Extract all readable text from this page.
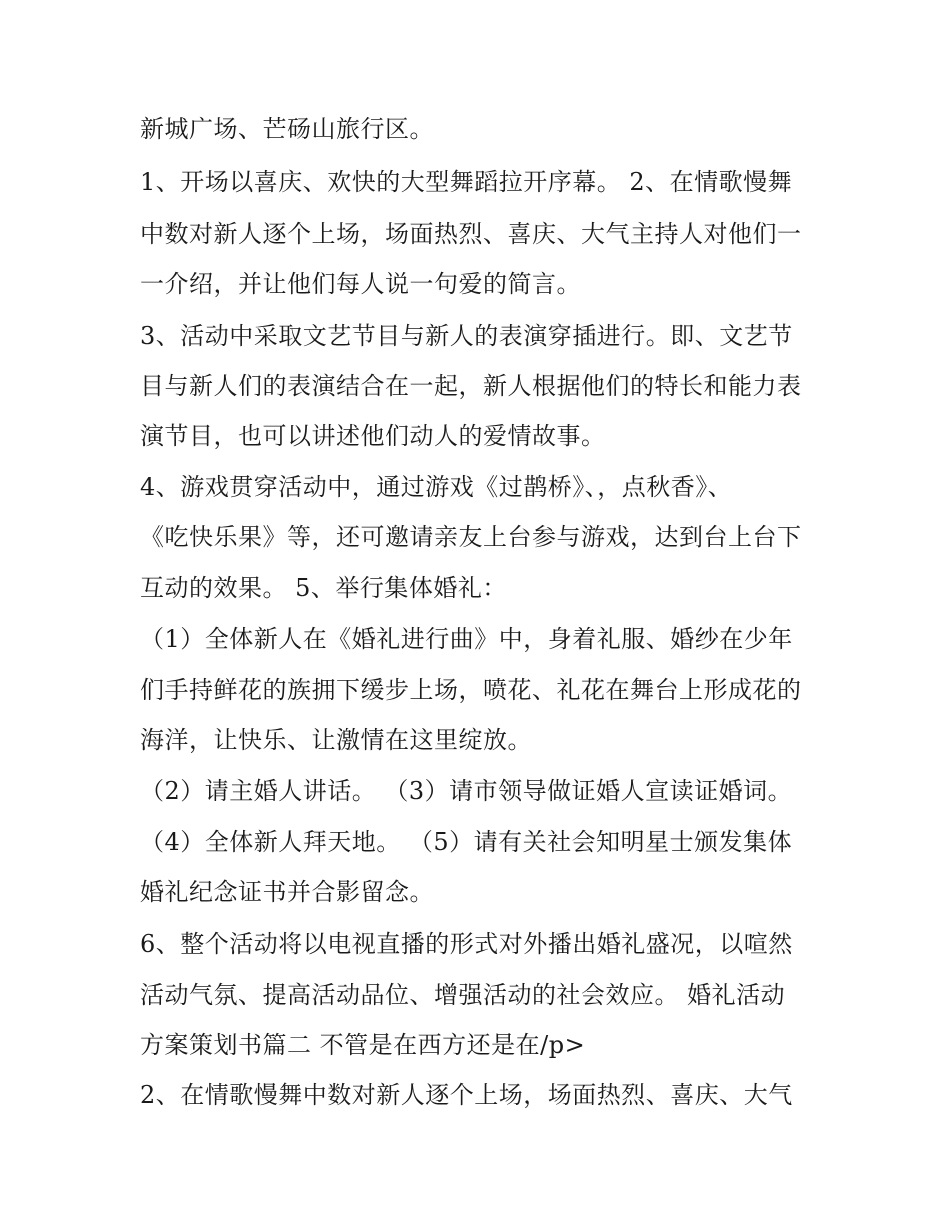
新城广场、芒砀山旅行区。
1、开场以喜庆、欢快的大型舞蹈拉开序幕。 2、在情歌慢舞
中数对新人逐个上场，场面热烈、喜庆、大气主持人对他们一
一介绍，并让他们每人说一句爱的简言。
3、活动中采取文艺节目与新人的表演穿插进行。即、文艺节
目与新人们的表演结合在一起，新人根据他们的特长和能力表
演节目，也可以讲述他们动人的爱情故事。
4、游戏贯穿活动中，通过游戏《过鹊桥》、，点秋香》、
《吃快乐果》等，还可邀请亲友上台参与游戏，达到台上台下
互动的效果。 5、举行集体婚礼：
（1）全体新人在《婚礼进行曲》中，身着礼服、婚纱在少年
们手持鲜花的族拥下缓步上场，喷花、礼花在舞台上形成花的
海洋，让快乐、让激情在这里绽放。
（2）请主婚人讲话。 （3）请市领导做证婚人宣读证婚词。
（4）全体新人拜天地。 （5）请有关社会知明星士颁发集体
婚礼纪念证书并合影留念。
6、整个活动将以电视直播的形式对外播出婚礼盛况，以喧然
活动气氛、提高活动品位、增强活动的社会效应。 婚礼活动
方案策划书篇二 不管是在西方还是在/p>
2、在情歌慢舞中数对新人逐个上场，场面热烈、喜庆、大气
